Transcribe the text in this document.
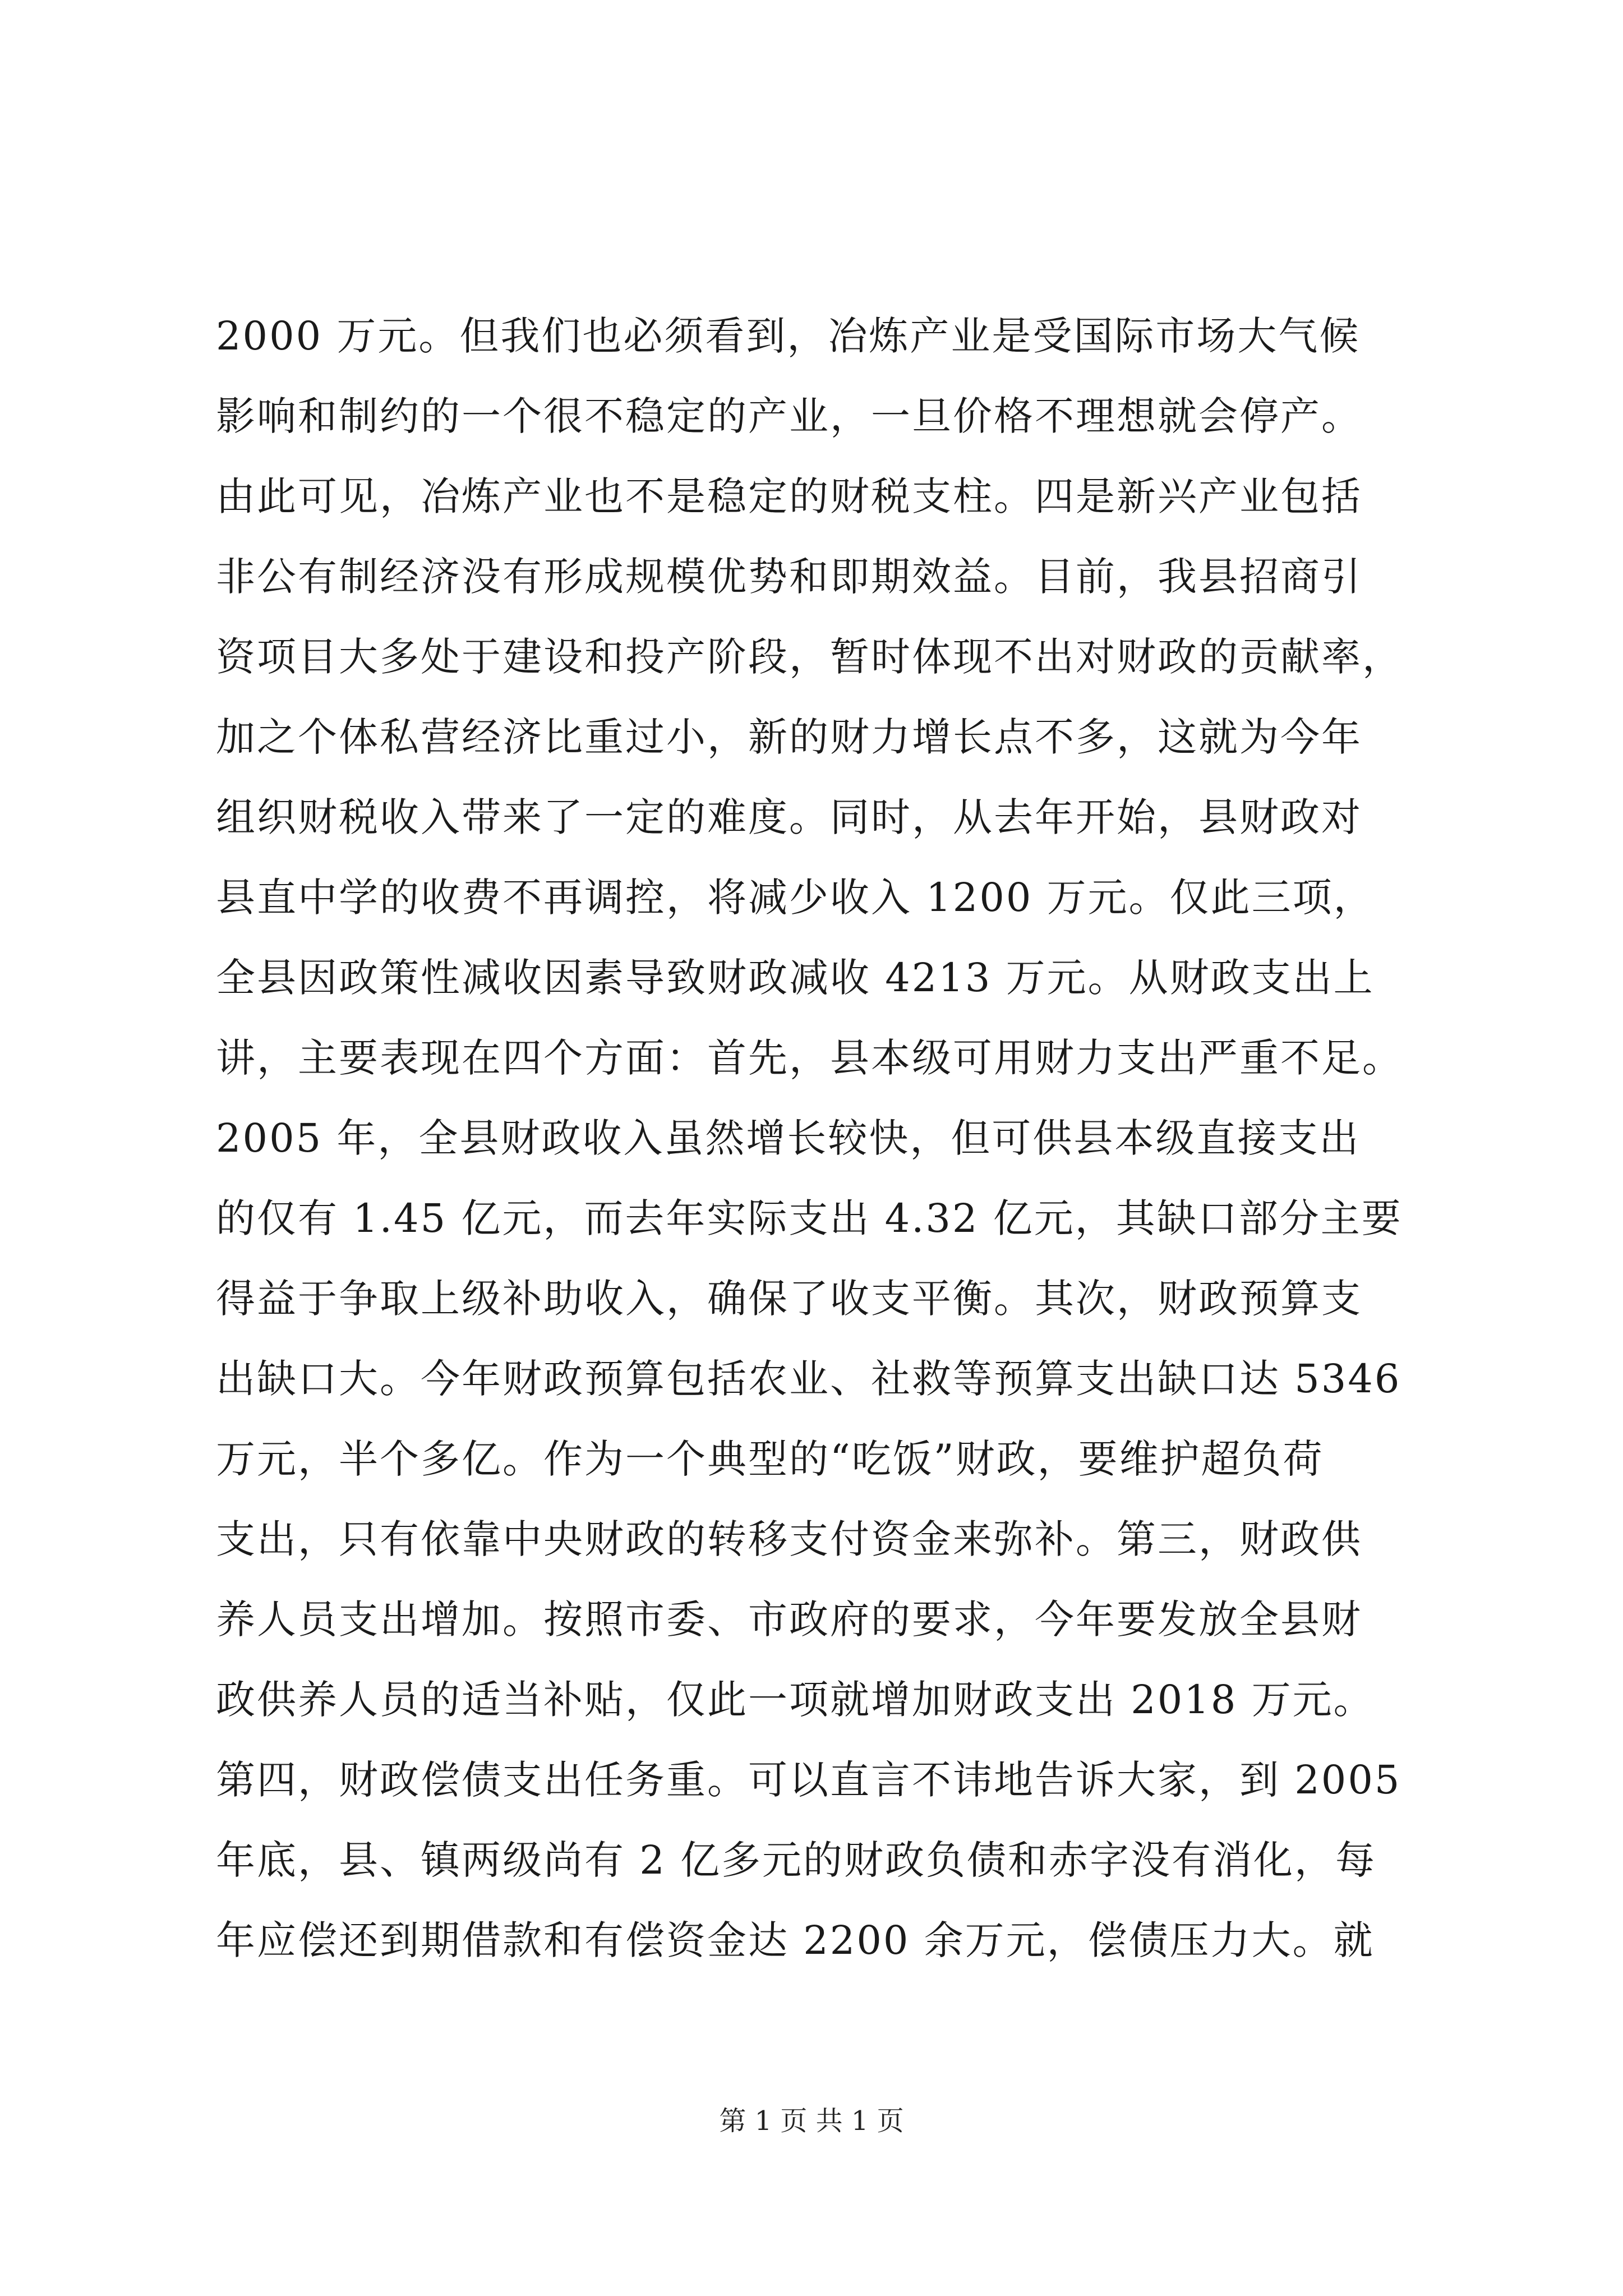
2000 万元。但我们也必须看到，冶炼产业是受国际市场大气候
影响和制约的一个很不稳定的产业，一旦价格不理想就会停产。
由此可见，冶炼产业也不是稳定的财税支柱。四是新兴产业包括
非公有制经济没有形成规模优势和即期效益。目前，我县招商引
资项目大多处于建设和投产阶段，暂时体现不出对财政的贡献率，
加之个体私营经济比重过小，新的财力增长点不多，这就为今年
组织财税收入带来了一定的难度。同时，从去年开始，县财政对
县直中学的收费不再调控，将减少收入 1200 万元。仅此三项，
全县因政策性减收因素导致财政减收 4213 万元。从财政支出上
讲，主要表现在四个方面：首先，县本级可用财力支出严重不足。
2005 年，全县财政收入虽然增长较快，但可供县本级直接支出
的仅有 1.45 亿元，而去年实际支出 4.32 亿元，其缺口部分主要
得益于争取上级补助收入，确保了收支平衡。其次，财政预算支
出缺口大。今年财政预算包括农业、社救等预算支出缺口达 5346
万元，半个多亿。作为一个典型的“吃饭”财政，要维护超负荷
支出，只有依靠中央财政的转移支付资金来弥补。第三，财政供
养人员支出增加。按照市委、市政府的要求，今年要发放全县财
政供养人员的适当补贴，仅此一项就增加财政支出 2018 万元。
第四，财政偿债支出任务重。可以直言不讳地告诉大家，到 2005
年底，县、镇两级尚有 2 亿多元的财政负债和赤字没有消化，每
年应偿还到期借款和有偿资金达 2200 余万元，偿债压力大。就
第 1 页 共 1 页
